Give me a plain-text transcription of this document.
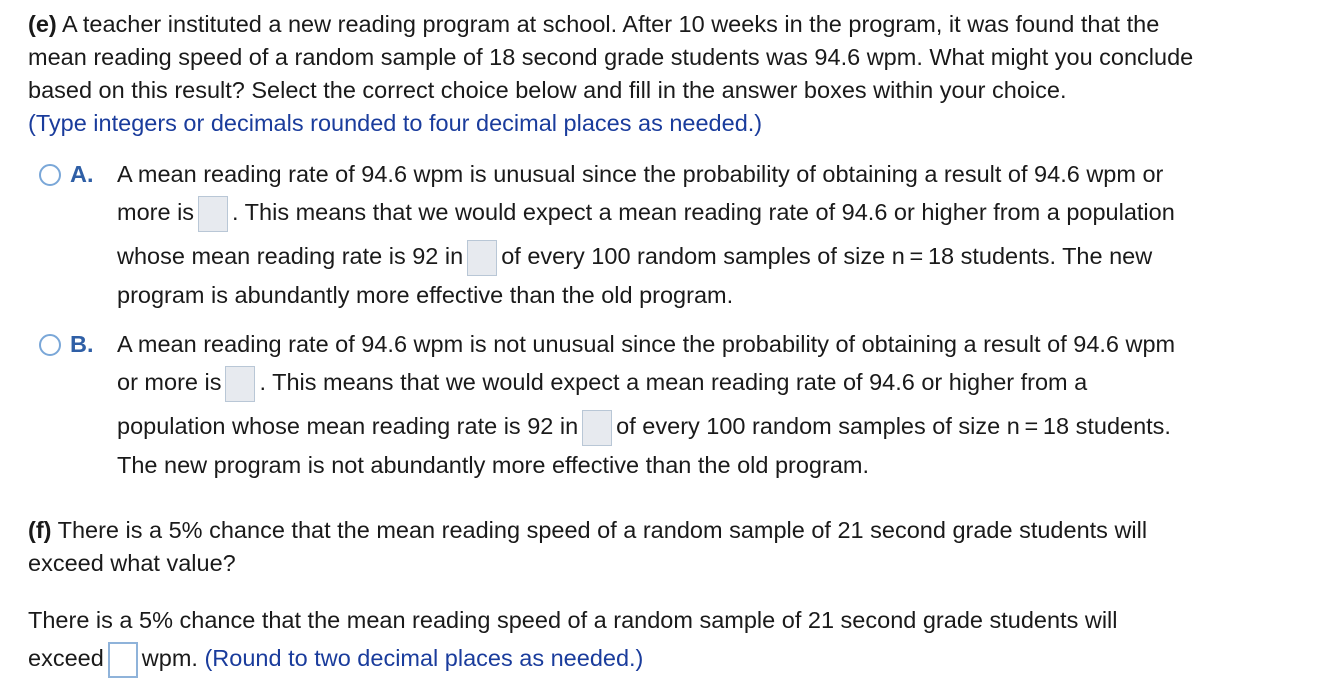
(e) A teacher instituted a new reading program at school. After 10 weeks in the program, it was found that the
mean reading speed of a random sample of 18 second grade students was 94.6 wpm. What might you conclude
based on this result? Select the correct choice below and fill in the answer boxes within your choice.
(Type integers or decimals rounded to four decimal places as needed.)
A. A mean reading rate of 94.6 wpm is unusual since the probability of obtaining a result of 94.6 wpm or
more is . This means that we would expect a mean reading rate of 94.6 or higher from a population
whose mean reading rate is 92 in of every 100 random samples of size n = 18 students. The new
program is abundantly more effective than the old program.
B. A mean reading rate of 94.6 wpm is not unusual since the probability of obtaining a result of 94.6 wpm
or more is . This means that we would expect a mean reading rate of 94.6 or higher from a
population whose mean reading rate is 92 in of every 100 random samples of size n = 18 students.
The new program is not abundantly more effective than the old program.
(f) There is a 5% chance that the mean reading speed of a random sample of 21 second grade students will
exceed what value?
There is a 5% chance that the mean reading speed of a random sample of 21 second grade students will
exceed wpm. (Round to two decimal places as needed.)
